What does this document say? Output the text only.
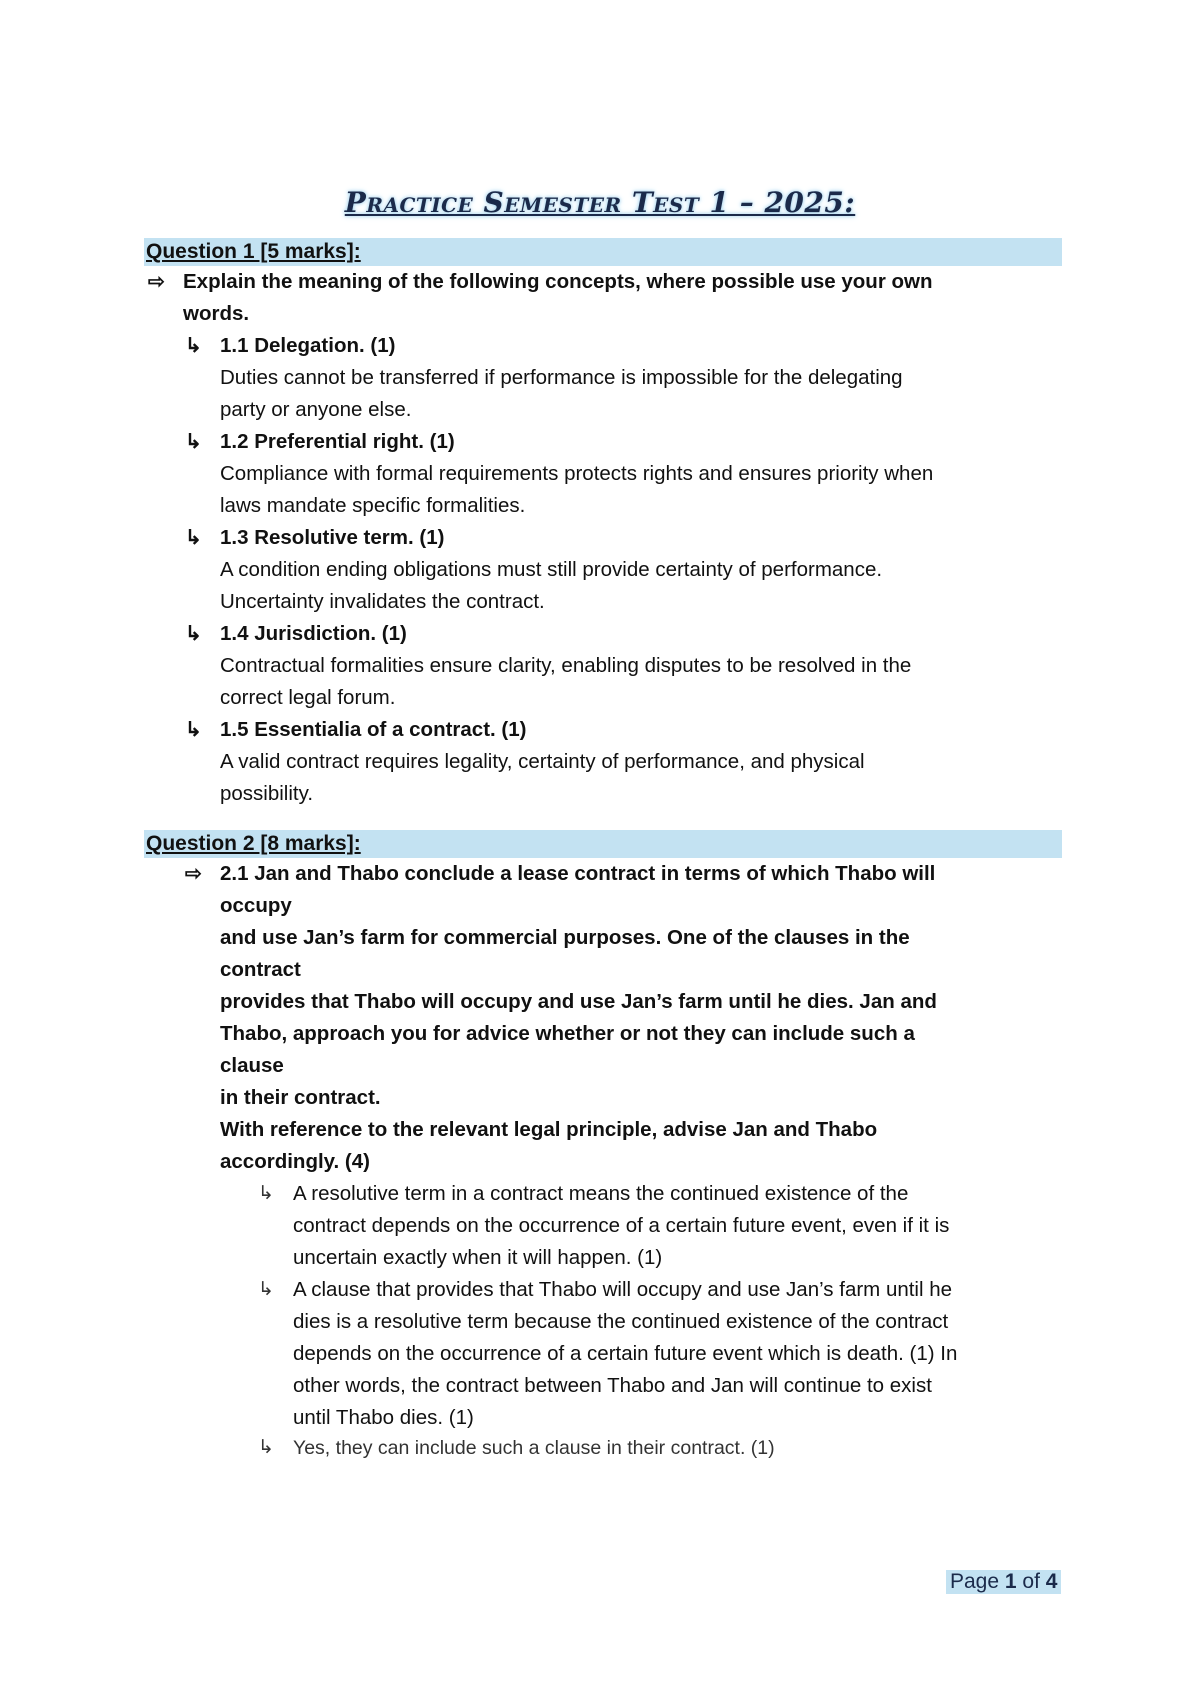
Practice Semester Test 1 – 2025:
Question 1 [5 marks]:
⇨ Explain the meaning of the following concepts, where possible use your own
words.
↳ 1.1 Delegation. (1)
Duties cannot be transferred if performance is impossible for the delegating
party or anyone else.
↳ 1.2 Preferential right. (1)
Compliance with formal requirements protects rights and ensures priority when
laws mandate specific formalities.
↳ 1.3 Resolutive term. (1)
A condition ending obligations must still provide certainty of performance.
Uncertainty invalidates the contract.
↳ 1.4 Jurisdiction. (1)
Contractual formalities ensure clarity, enabling disputes to be resolved in the
correct legal forum.
↳ 1.5 Essentialia of a contract. (1)
A valid contract requires legality, certainty of performance, and physical
possibility.
Question 2 [8 marks]:
⇨ 2.1 Jan and Thabo conclude a lease contract in terms of which Thabo will
occupy
and use Jan’s farm for commercial purposes. One of the clauses in the
contract
provides that Thabo will occupy and use Jan’s farm until he dies. Jan and
Thabo, approach you for advice whether or not they can include such a
clause
in their contract.
With reference to the relevant legal principle, advise Jan and Thabo
accordingly. (4)
↳ A resolutive term in a contract means the continued existence of the
contract depends on the occurrence of a certain future event, even if it is
uncertain exactly when it will happen. (1)
↳ A clause that provides that Thabo will occupy and use Jan’s farm until he
dies is a resolutive term because the continued existence of the contract
depends on the occurrence of a certain future event which is death. (1) In
other words, the contract between Thabo and Jan will continue to exist
until Thabo dies. (1)
↳ Yes, they can include such a clause in their contract. (1)
Page 1 of 4
